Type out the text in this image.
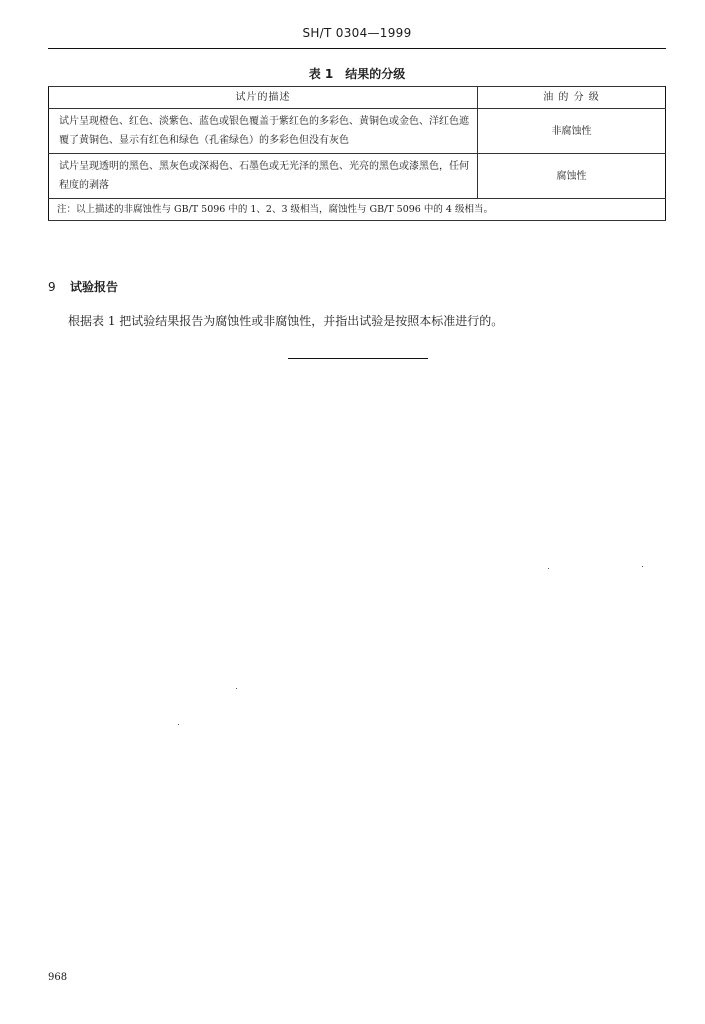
SH/T 0304—1999
表 1　结果的分级
试片的描述	油 的 分 级
试片呈现橙色、红色、淡紫色、蓝色或银色覆盖于紫红色的多彩色、黄铜色或金色、洋红色遮覆了黄铜色、显示有红色和绿色（孔雀绿色）的多彩色但没有灰色	非腐蚀性
试片呈现透明的黑色、黑灰色或深褐色、石墨色或无光泽的黑色、光亮的黑色或漆黑色，任何程度的剥落	腐蚀性
注：以上描述的非腐蚀性与 GB/T 5096 中的 1、2、3 级相当，腐蚀性与 GB/T 5096 中的 4 级相当。	
9 试验报告
根据表 1 把试验结果报告为腐蚀性或非腐蚀性，并指出试验是按照本标准进行的。
968
